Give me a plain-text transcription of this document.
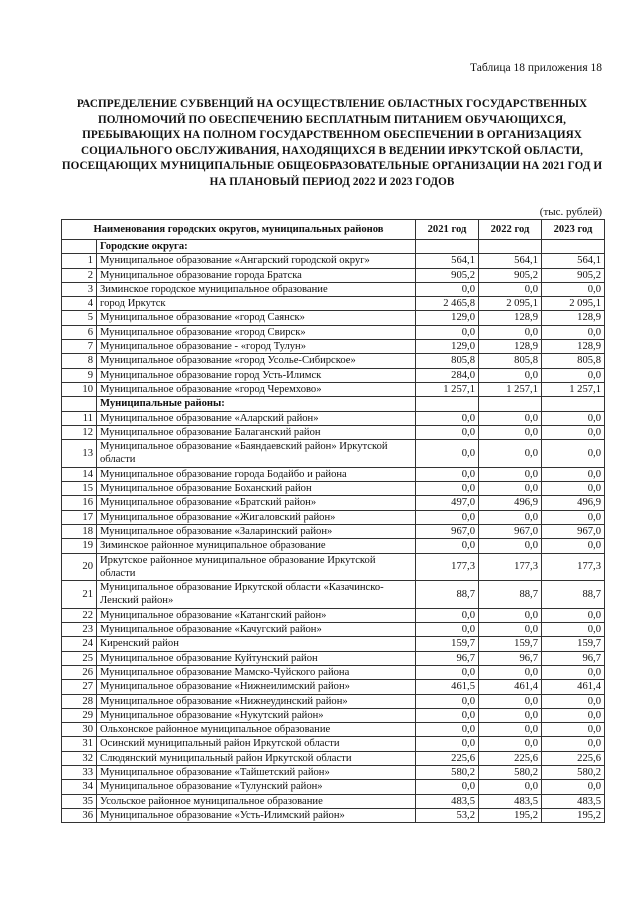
Таблица 18 приложения 18
РАСПРЕДЕЛЕНИЕ СУБВЕНЦИЙ НА ОСУЩЕСТВЛЕНИЕ ОБЛАСТНЫХ ГОСУДАРСТВЕННЫХ ПОЛНОМОЧИЙ ПО ОБЕСПЕЧЕНИЮ БЕСПЛАТНЫМ ПИТАНИЕМ ОБУЧАЮЩИХСЯ, ПРЕБЫВАЮЩИХ НА ПОЛНОМ ГОСУДАРСТВЕННОМ ОБЕСПЕЧЕНИИ В ОРГАНИЗАЦИЯХ СОЦИАЛЬНОГО ОБСЛУЖИВАНИЯ, НАХОДЯЩИХСЯ В ВЕДЕНИИ ИРКУТСКОЙ ОБЛАСТИ, ПОСЕЩАЮЩИХ МУНИЦИПАЛЬНЫЕ ОБЩЕОБРАЗОВАТЕЛЬНЫЕ ОРГАНИЗАЦИИ НА 2021 ГОД И НА ПЛАНОВЫЙ ПЕРИОД 2022 И 2023 ГОДОВ
(тыс. рублей)
Наименования городских округов, муниципальных районов		2021 год	2022 год	2023 год
	Городские округа:			
1	Муниципальное образование «Ангарский городской округ»	564,1	564,1	564,1
2	Муниципальное образование города Братска	905,2	905,2	905,2
3	Зиминское городское муниципальное образование	0,0	0,0	0,0
4	город Иркутск	2 465,8	2 095,1	2 095,1
5	Муниципальное образование «город Саянск»	129,0	128,9	128,9
6	Муниципальное образование «город Свирск»	0,0	0,0	0,0
7	Муниципальное образование - «город Тулун»	129,0	128,9	128,9
8	Муниципальное образование «город Усолье-Сибирское»	805,8	805,8	805,8
9	Муниципальное образование город Усть-Илимск	284,0	0,0	0,0
10	Муниципальное образование «город Черемхово»	1 257,1	1 257,1	1 257,1
	Муниципальные районы:			
11	Муниципальное образование «Аларский район»	0,0	0,0	0,0
12	Муниципальное образование Балаганский район	0,0	0,0	0,0
13	Муниципальное образование «Баяндаевский район» Иркутской области	0,0	0,0	0,0
14	Муниципальное образование города Бодайбо и района	0,0	0,0	0,0
15	Муниципальное образование Боханский район	0,0	0,0	0,0
16	Муниципальное образование «Братский район»	497,0	496,9	496,9
17	Муниципальное образование «Жигаловский район»	0,0	0,0	0,0
18	Муниципальное образование «Заларинский район»	967,0	967,0	967,0
19	Зиминское районное муниципальное образование	0,0	0,0	0,0
20	Иркутское районное муниципальное образование Иркутской области	177,3	177,3	177,3
21	Муниципальное образование Иркутской области «Казачинско-Ленский район»	88,7	88,7	88,7
22	Муниципальное образование «Катангский район»	0,0	0,0	0,0
23	Муниципальное образование «Качугский район»	0,0	0,0	0,0
24	Киренский район	159,7	159,7	159,7
25	Муниципальное образование Куйтунский район	96,7	96,7	96,7
26	Муниципальное образование Мамско-Чуйского района	0,0	0,0	0,0
27	Муниципальное образование «Нижнеилимский район»	461,5	461,4	461,4
28	Муниципальное образование «Нижнеудинский район»	0,0	0,0	0,0
29	Муниципальное образование «Нукутский район»	0,0	0,0	0,0
30	Ольхонское районное муниципальное образование	0,0	0,0	0,0
31	Осинский муниципальный район Иркутской области	0,0	0,0	0,0
32	Слюдянский муниципальный район Иркутской области	225,6	225,6	225,6
33	Муниципальное образование «Тайшетский район»	580,2	580,2	580,2
34	Муниципальное образование «Тулунский район»	0,0	0,0	0,0
35	Усольское районное муниципальное образование	483,5	483,5	483,5
36	Муниципальное образование «Усть-Илимский район»	53,2	195,2	195,2
